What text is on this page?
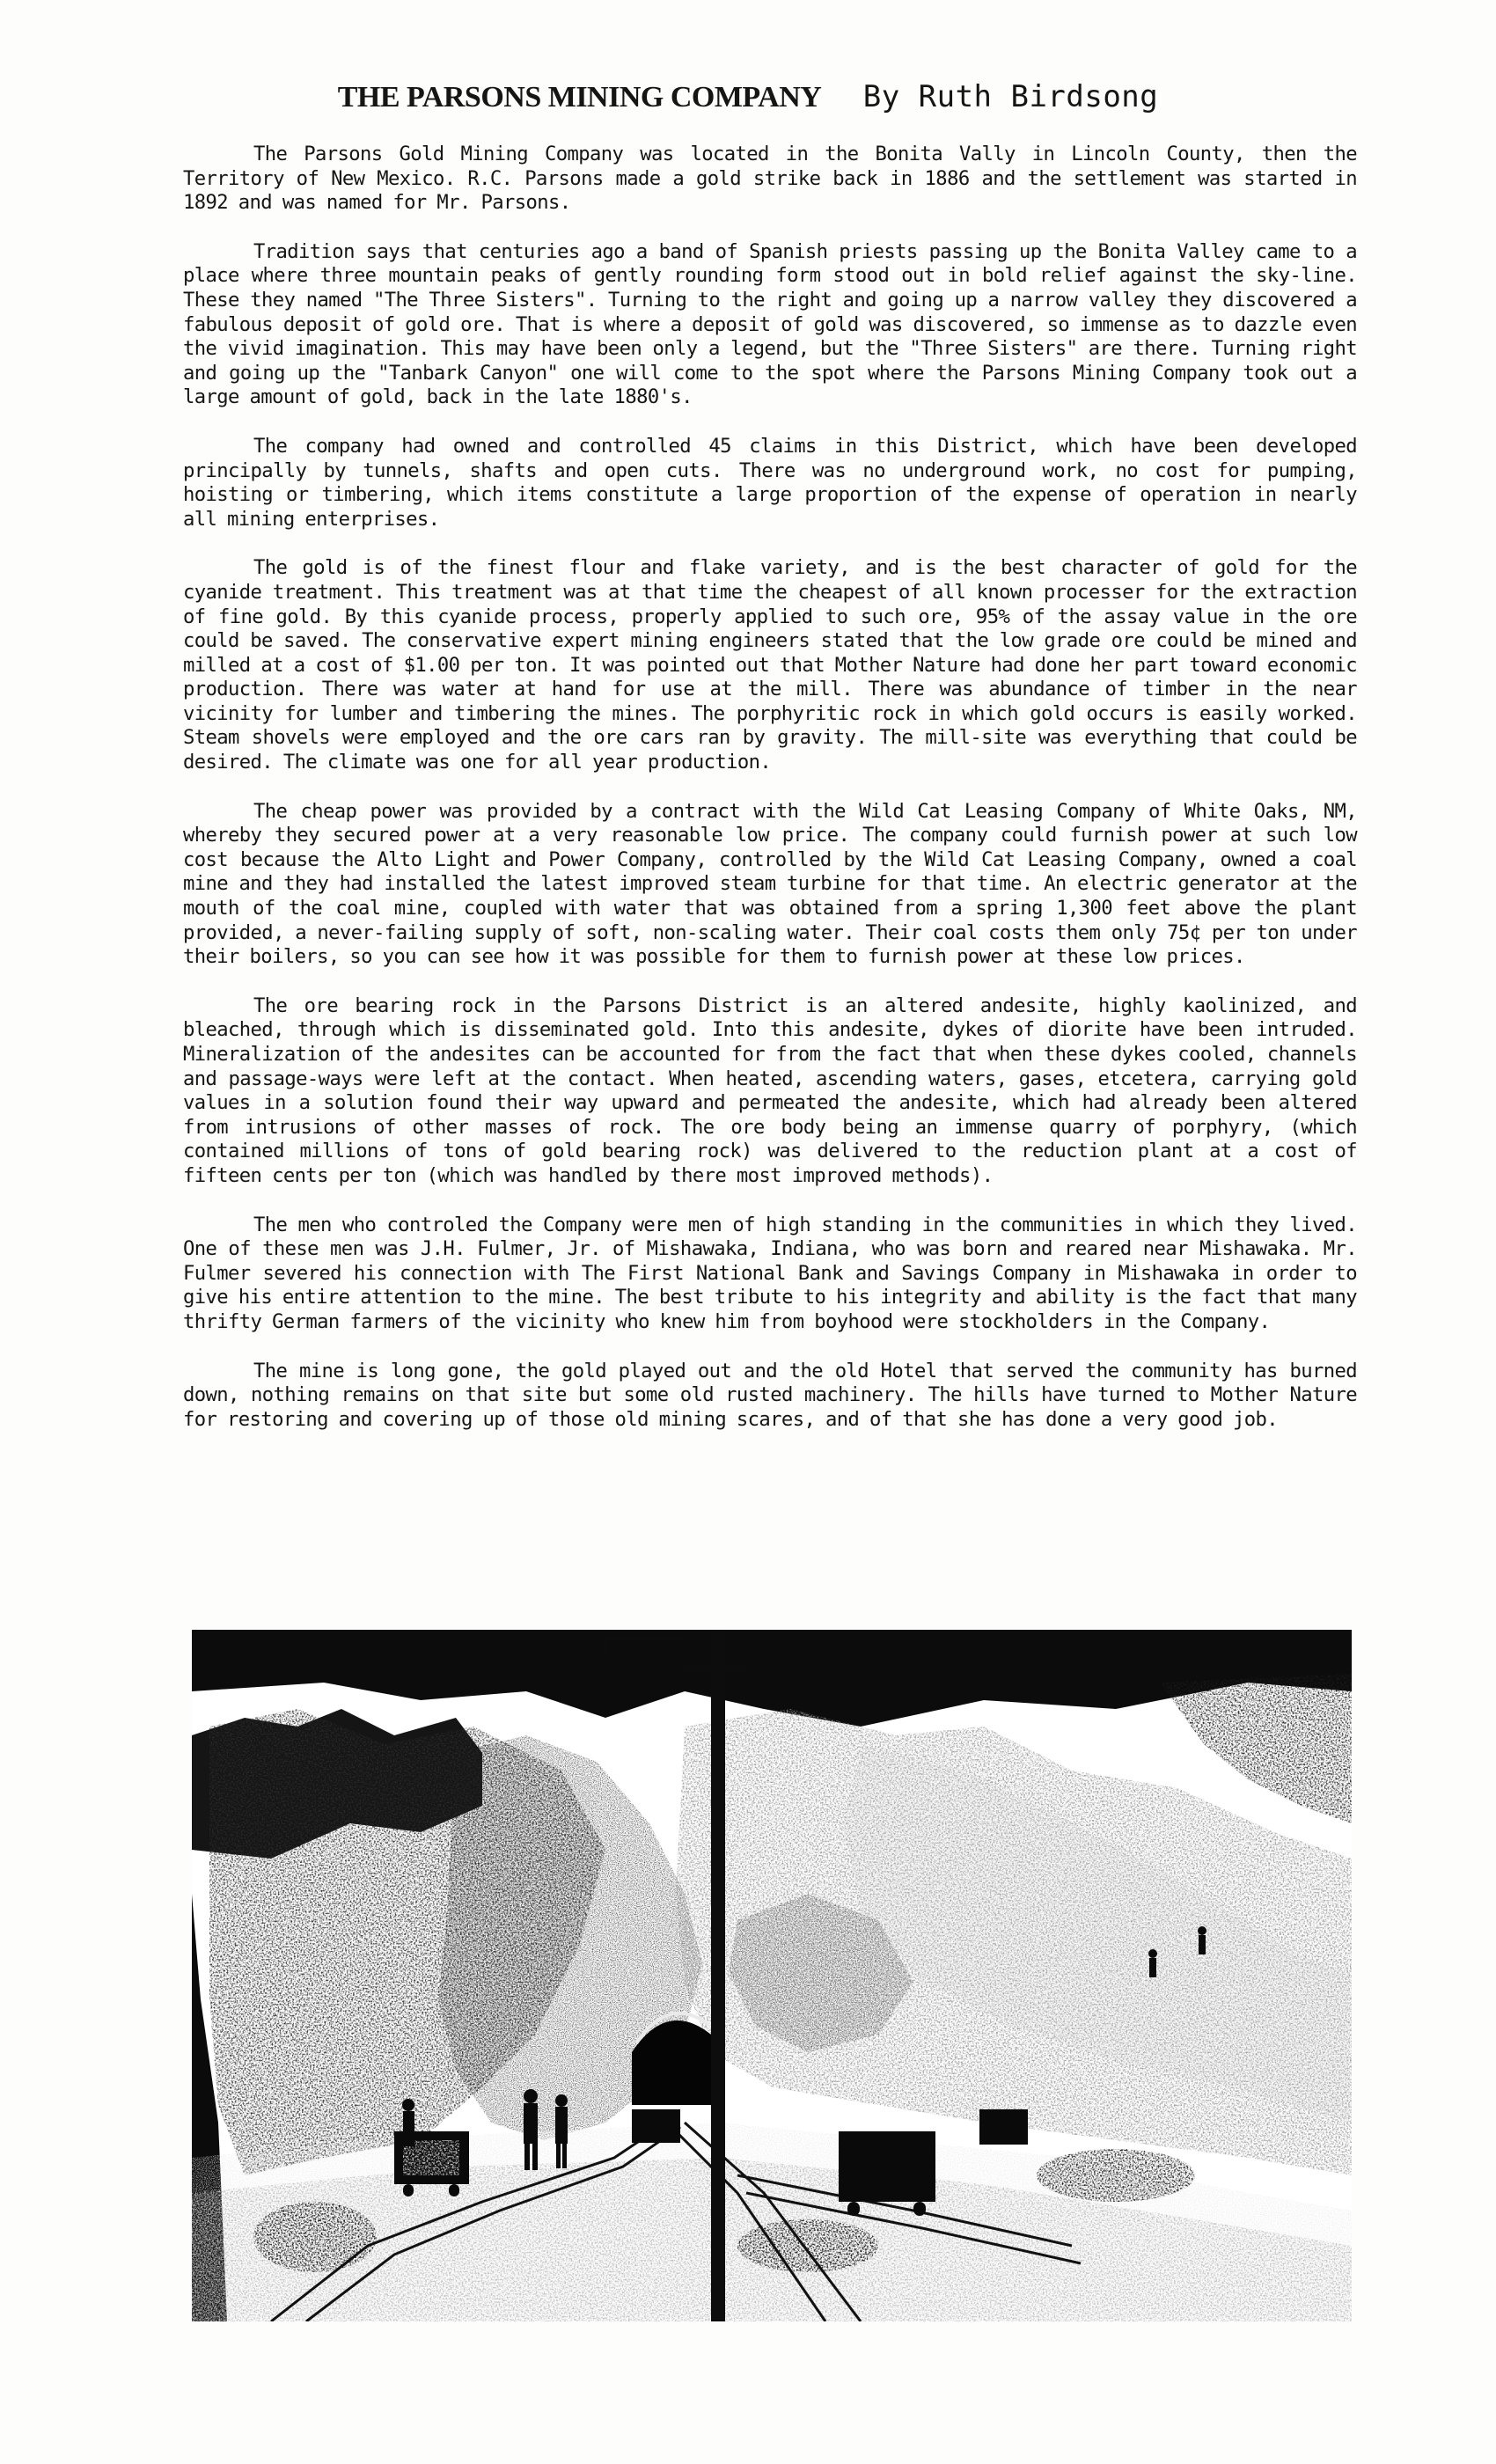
THE PARSONS MINING COMPANY By Ruth Birdsong

The Parsons Gold Mining Company was located in the Bonita Vally in Lincoln County, then the Territory of New Mexico. R.C. Parsons made a gold strike back in 1886 and the settlement was started in 1892 and was named for Mr. Parsons.

Tradition says that centuries ago a band of Spanish priests passing up the Bonita Valley came to a place where three mountain peaks of gently rounding form stood out in bold relief against the sky-line. These they named "The Three Sisters". Turning to the right and going up a narrow valley they discovered a fabulous deposit of gold ore. That is where a deposit of gold was discovered, so immense as to dazzle even the vivid imagination. This may have been only a legend, but the "Three Sisters" are there. Turning right and going up the "Tanbark Canyon" one will come to the spot where the Parsons Mining Company took out a large amount of gold, back in the late 1880's.

The company had owned and controlled 45 claims in this District, which have been developed principally by tunnels, shafts and open cuts. There was no underground work, no cost for pumping, hoisting or timbering, which items constitute a large proportion of the expense of operation in nearly all mining enterprises.

The gold is of the finest flour and flake variety, and is the best character of gold for the cyanide treatment. This treatment was at that time the cheapest of all known processer for the extraction of fine gold. By this cyanide process, properly applied to such ore, 95% of the assay value in the ore could be saved. The conservative expert mining engineers stated that the low grade ore could be mined and milled at a cost of $1.00 per ton. It was pointed out that Mother Nature had done her part toward economic production. There was water at hand for use at the mill. There was abundance of timber in the near vicinity for lumber and timbering the mines. The porphyritic rock in which gold occurs is easily worked. Steam shovels were employed and the ore cars ran by gravity. The mill-site was everything that could be desired. The climate was one for all year production.

The cheap power was provided by a contract with the Wild Cat Leasing Company of White Oaks, NM, whereby they secured power at a very reasonable low price. The company could furnish power at such low cost because the Alto Light and Power Company, controlled by the Wild Cat Leasing Company, owned a coal mine and they had installed the latest improved steam turbine for that time. An electric generator at the mouth of the coal mine, coupled with water that was obtained from a spring 1,300 feet above the plant provided, a never-failing supply of soft, non-scaling water. Their coal costs them only 75¢ per ton under their boilers, so you can see how it was possible for them to furnish power at these low prices.

The ore bearing rock in the Parsons District is an altered andesite, highly kaolinized, and bleached, through which is disseminated gold. Into this andesite, dykes of diorite have been intruded. Mineralization of the andesites can be accounted for from the fact that when these dykes cooled, channels and passage-ways were left at the contact. When heated, ascending waters, gases, etcetera, carrying gold values in a solution found their way upward and permeated the andesite, which had already been altered from intrusions of other masses of rock. The ore body being an immense quarry of porphyry, (which contained millions of tons of gold bearing rock) was delivered to the reduction plant at a cost of fifteen cents per ton (which was handled by there most improved methods).

The men who controled the Company were men of high standing in the communities in which they lived. One of these men was J.H. Fulmer, Jr. of Mishawaka, Indiana, who was born and reared near Mishawaka. Mr. Fulmer severed his connection with The First National Bank and Savings Company in Mishawaka in order to give his entire attention to the mine. The best tribute to his integrity and ability is the fact that many thrifty German farmers of the vicinity who knew him from boyhood were stockholders in the Company.

The mine is long gone, the gold played out and the old Hotel that served the community has burned down, nothing remains on that site but some old rusted machinery. The hills have turned to Mother Nature for restoring and covering up of those old mining scares, and of that she has done a very good job.
